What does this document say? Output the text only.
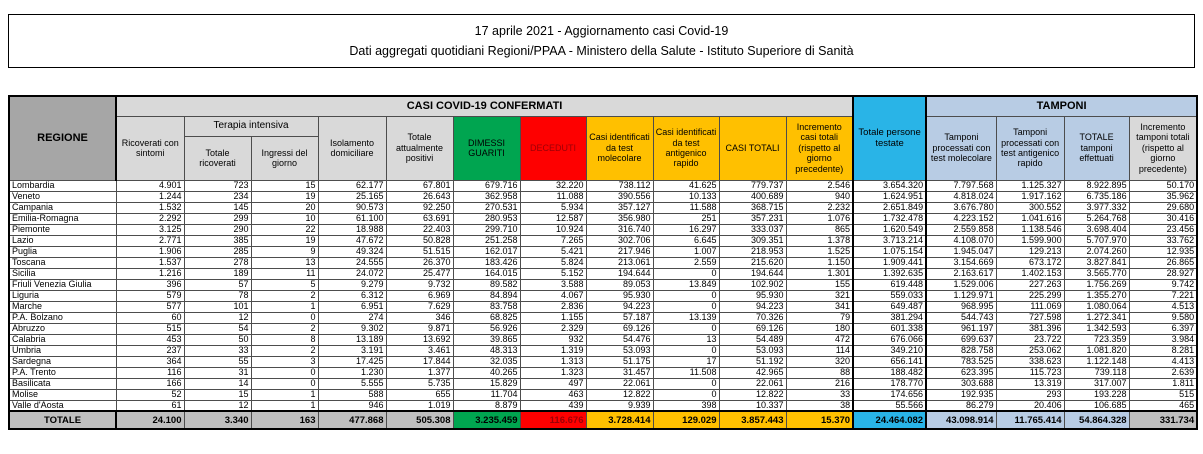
17 aprile 2021 - Aggiornamento casi Covid-19
Dati aggregati quotidiani Regioni/PPAA - Ministero della Salute - Istituto Superiore di Sanità
REGIONE	CASI COVID-19 CONFERMATI											Totale persone testate	TAMPONI			
	Ricoverati con sintomi	Terapia intensiva		Isolamento domiciliare	Totale attualmente positivi	DIMESSI GUARITI	DECEDUTI	Casi identificati da test molecolare	Casi identificati da test antigenico rapido	CASI TOTALI	Incremento casi totali (rispetto al giorno precedente)		Tamponi processati con test molecolare	Tamponi processati con test antigenico rapido	TOTALE tamponi effettuati	Incremento tamponi totali (rispetto al giorno precedente)
		Totale ricoverati	Ingressi del giorno													
Lombardia	4.901	723	15	62.177	67.801	679.716	32.220	738.112	41.625	779.737	2.546	3.654.320	7.797.568	1.125.327	8.922.895	50.170
Veneto	1.244	234	19	25.165	26.643	362.958	11.088	390.556	10.133	400.689	940	1.624.951	4.818.024	1.917.162	6.735.186	35.962
Campania	1.532	145	20	90.573	92.250	270.531	5.934	357.127	11.588	368.715	2.232	2.651.849	3.676.780	300.552	3.977.332	29.680
Emilia-Romagna	2.292	299	10	61.100	63.691	280.953	12.587	356.980	251	357.231	1.076	1.732.478	4.223.152	1.041.616	5.264.768	30.416
Piemonte	3.125	290	22	18.988	22.403	299.710	10.924	316.740	16.297	333.037	865	1.620.549	2.559.858	1.138.546	3.698.404	23.456
Lazio	2.771	385	19	47.672	50.828	251.258	7.265	302.706	6.645	309.351	1.378	3.713.214	4.108.070	1.599.900	5.707.970	33.762
Puglia	1.906	285	9	49.324	51.515	162.017	5.421	217.946	1.007	218.953	1.525	1.075.154	1.945.047	129.213	2.074.260	12.935
Toscana	1.537	278	13	24.555	26.370	183.426	5.824	213.061	2.559	215.620	1.150	1.909.441	3.154.669	673.172	3.827.841	26.865
Sicilia	1.216	189	11	24.072	25.477	164.015	5.152	194.644	0	194.644	1.301	1.392.635	2.163.617	1.402.153	3.565.770	28.927
Friuli Venezia Giulia	396	57	5	9.279	9.732	89.582	3.588	89.053	13.849	102.902	155	619.448	1.529.006	227.263	1.756.269	9.742
Liguria	579	78	2	6.312	6.969	84.894	4.067	95.930	0	95.930	321	559.033	1.129.971	225.299	1.355.270	7.221
Marche	577	101	1	6.951	7.629	83.758	2.836	94.223	0	94.223	341	649.487	968.995	111.069	1.080.064	4.513
P.A. Bolzano	60	12	0	274	346	68.825	1.155	57.187	13.139	70.326	79	381.294	544.743	727.598	1.272.341	9.580
Abruzzo	515	54	2	9.302	9.871	56.926	2.329	69.126	0	69.126	180	601.338	961.197	381.396	1.342.593	6.397
Calabria	453	50	8	13.189	13.692	39.865	932	54.476	13	54.489	472	676.066	699.637	23.722	723.359	3.984
Umbria	237	33	2	3.191	3.461	48.313	1.319	53.093	0	53.093	114	349.210	828.758	253.062	1.081.820	8.281
Sardegna	364	55	3	17.425	17.844	32.035	1.313	51.175	17	51.192	320	656.141	783.525	338.623	1.122.148	4.413
P.A. Trento	116	31	0	1.230	1.377	40.265	1.323	31.457	11.508	42.965	88	188.482	623.395	115.723	739.118	2.639
Basilicata	166	14	0	5.555	5.735	15.829	497	22.061	0	22.061	216	178.770	303.688	13.319	317.007	1.811
Molise	52	15	1	588	655	11.704	463	12.822	0	12.822	33	174.656	192.935	293	193.228	515
Valle d'Aosta	61	12	1	946	1.019	8.879	439	9.939	398	10.337	38	55.566	86.279	20.406	106.685	465
TOTALE	24.100	3.340	163	477.868	505.308	3.235.459	116.676	3.728.414	129.029	3.857.443	15.370	24.464.082	43.098.914	11.765.414	54.864.328	331.734
